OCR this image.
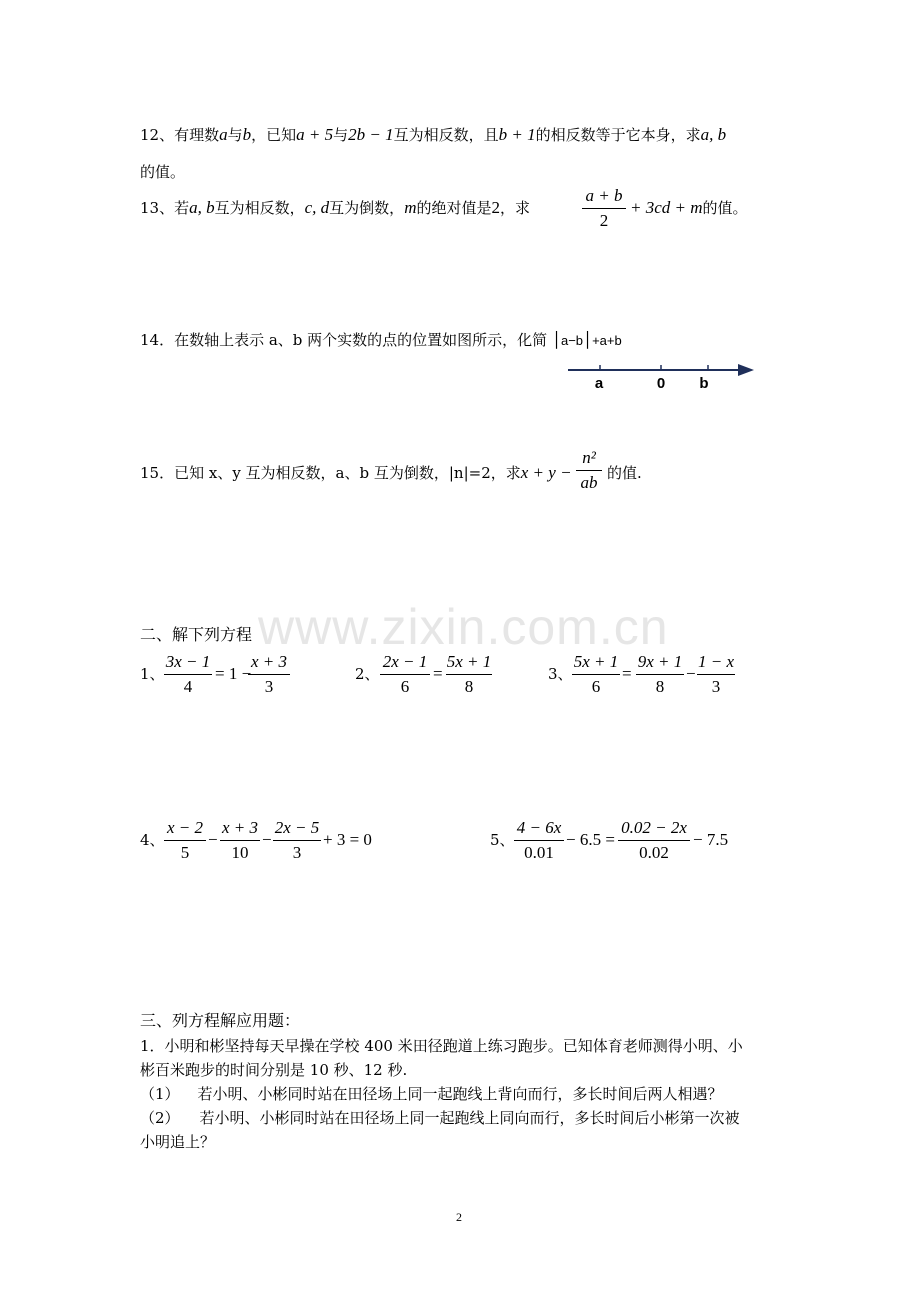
www.zixin.com.cn
12、有理数a与b，已知a + 5与2b − 1互为相反数，且b + 1的相反数等于它本身，求a, b
的值。
13、若a, b互为相反数，c, d互为倒数，m的绝对值是2，求
a + b
2
+ 3cd + m的值。
14．在数轴上表示 a、b 两个实数的点的位置如图所示，化简 │a−b│+a+b
a	0 b
15．已知 x、y 互为相反数，a、b 互为倒数，|n|=2，求x + y −
n²
ab 的值.
二、解下列方程
1、
3x − 1
4
= 1 −
x + 3
3
2、
2x − 1
6
=
5x + 1
8
3、
5x + 1
6
=
9x + 1
8
−
1 − x
3
4、
x − 2
5
−
x + 3
10
−
2x − 5
3
+ 3 = 0	5、
4 − 6x
0.01
− 6.5 =
0.02 − 2x
0.02
− 7.5
三、列方程解应用题：
1．小明和彬坚持每天早操在学校 400 米田径跑道上练习跑步。已知体育老师测得小明、小
彬百米跑步的时间分别是 10 秒、12 秒.
（1） 若小明、小彬同时站在田径场上同一起跑线上背向而行，多长时间后两人相遇？
（2） 若小明、小彬同时站在田径场上同一起跑线上同向而行，多长时间后小彬第一次被
小明追上？
2
